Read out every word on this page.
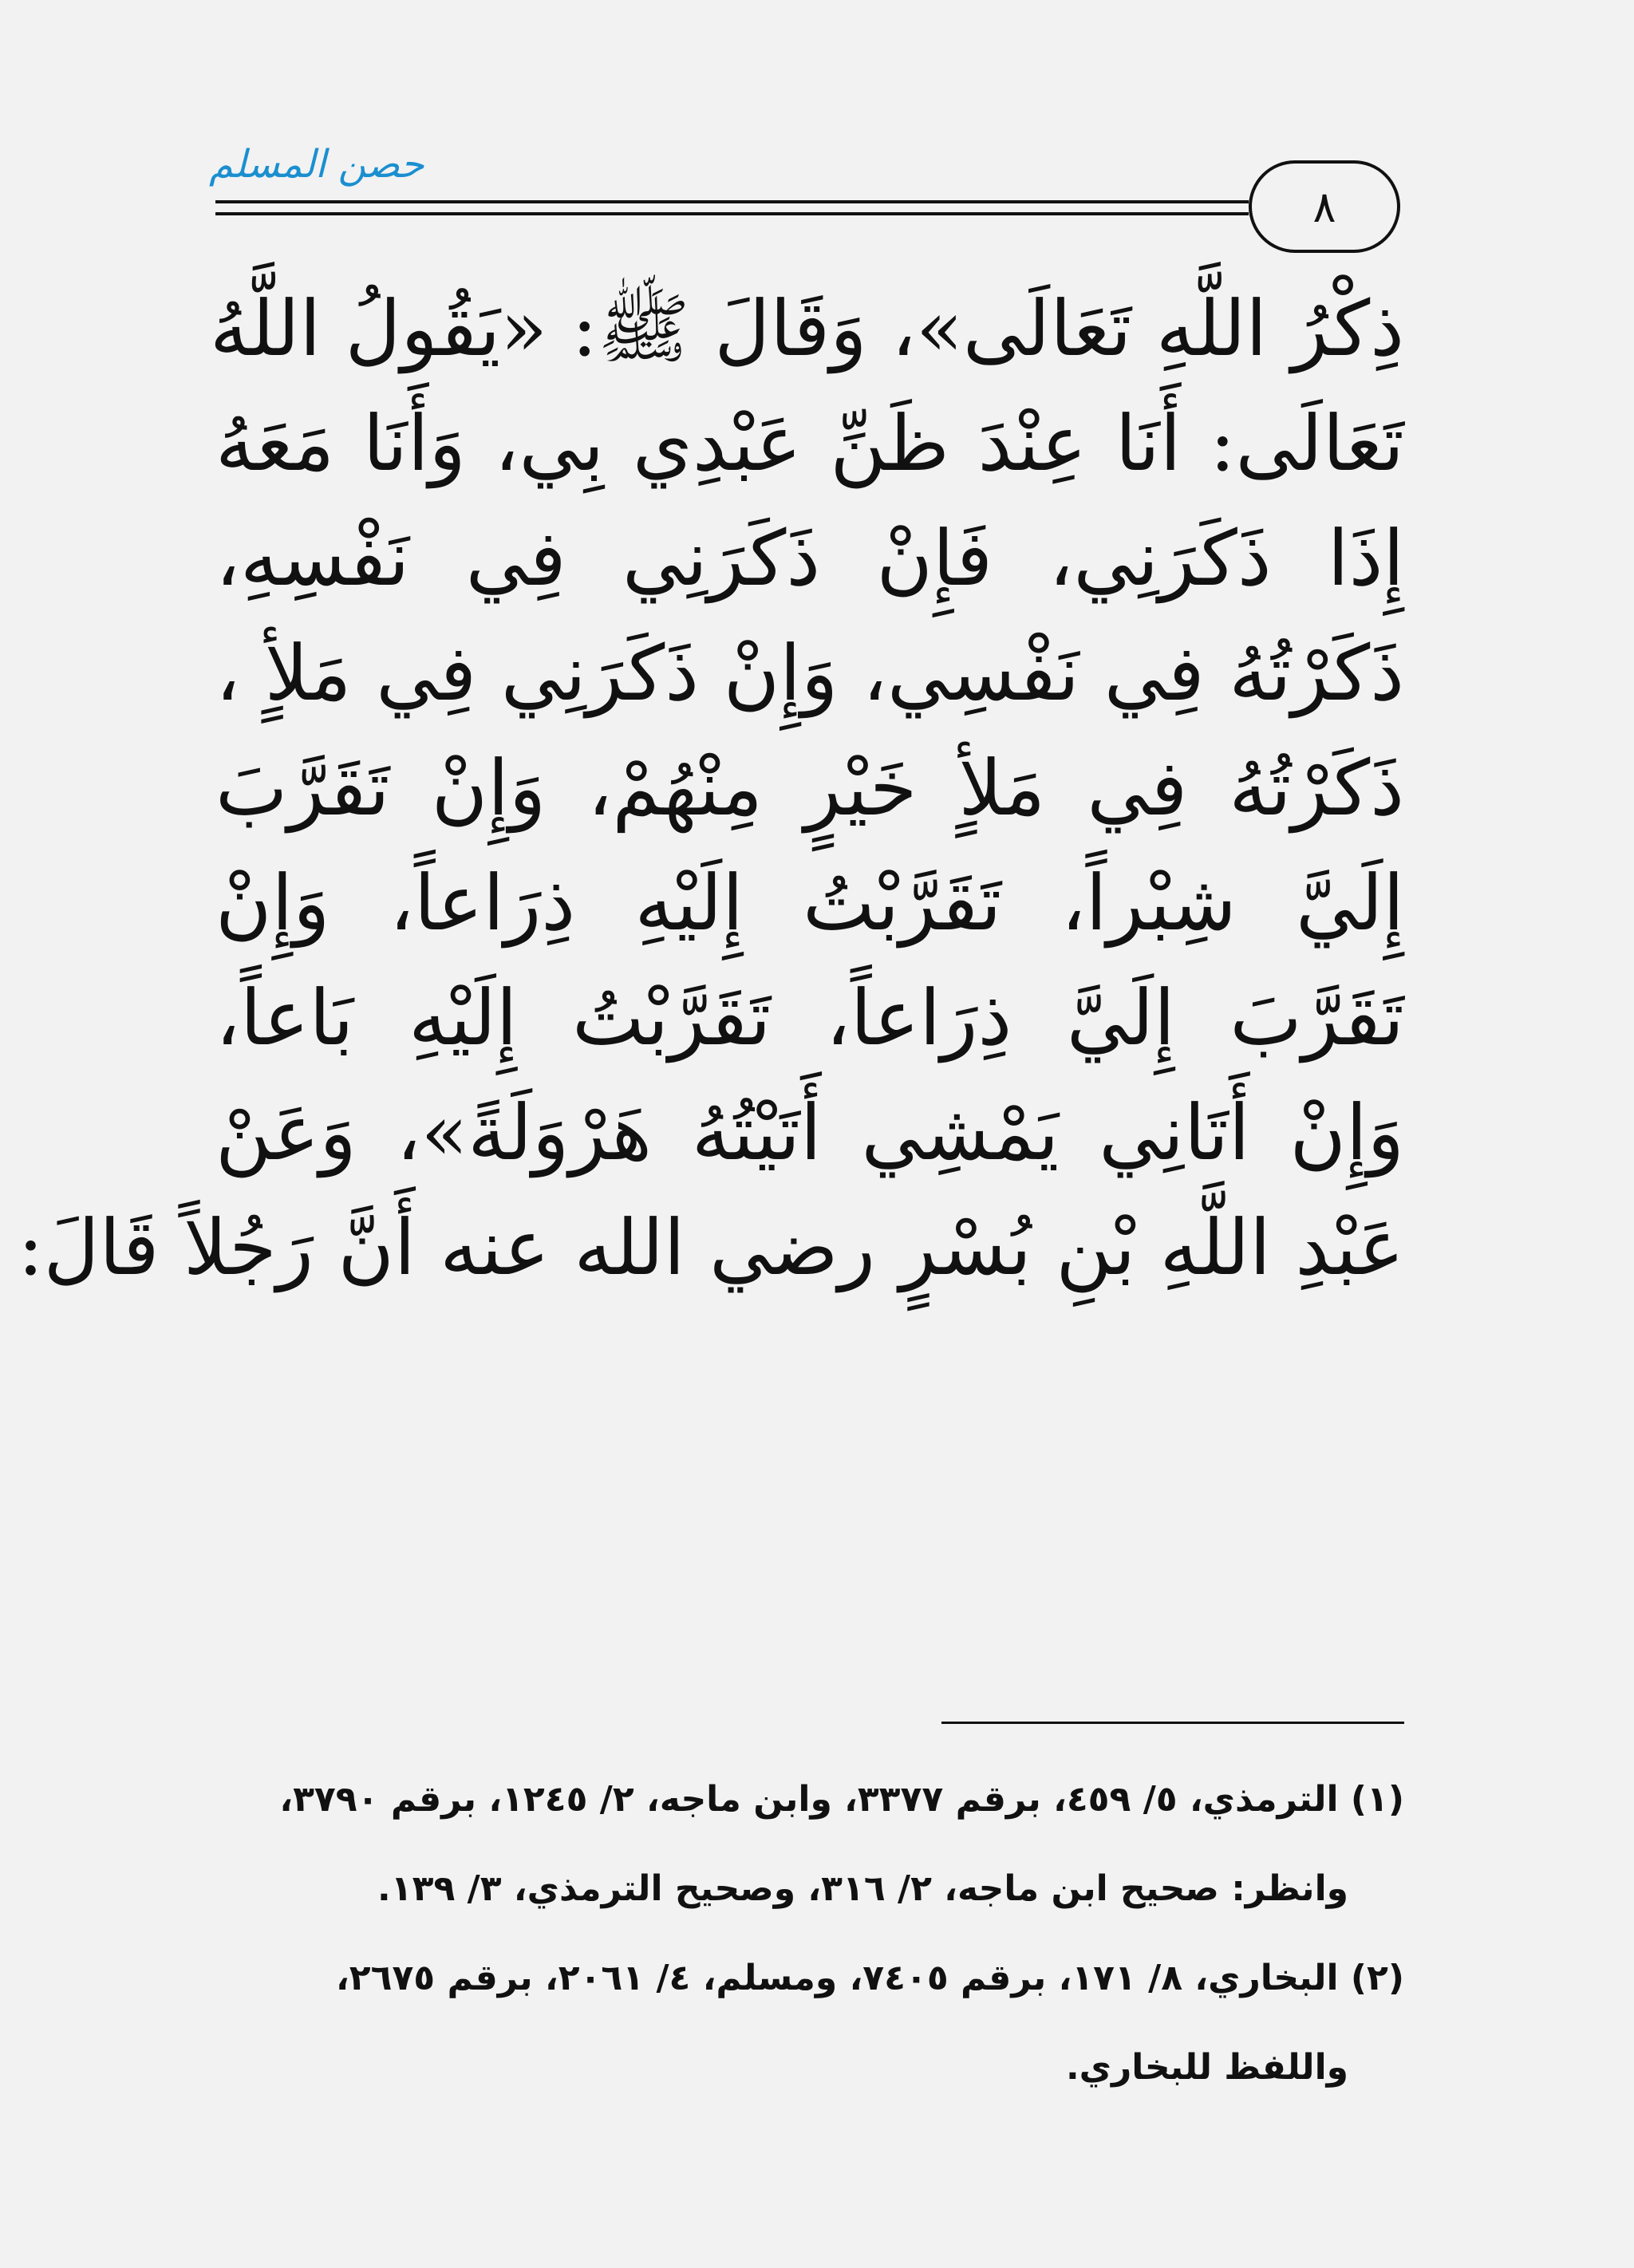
حصن المسلم
٨
ذِكْرُ اللَّهِ تَعَالَى»، وَقَالَ ﷺ: «يَقُولُ اللَّهُ
تَعَالَى: أَنَا عِنْدَ ظَنِّ عَبْدِي بِي، وَأَنَا مَعَهُ
إِذَا ذَكَرَنِي، فَإِنْ ذَكَرَنِي فِي نَفْسِهِ،
ذَكَرْتُهُ فِي نَفْسِي، وَإِنْ ذَكَرَنِي فِي مَلأٍ ،
ذَكَرْتُهُ فِي مَلأٍ خَيْرٍ مِنْهُمْ، وَإِنْ تَقَرَّبَ
إِلَيَّ شِبْراً، تَقَرَّبْتُ إِلَيْهِ ذِرَاعاً، وَإِنْ
تَقَرَّبَ إِلَيَّ ذِرَاعاً، تَقَرَّبْتُ إِلَيْهِ بَاعاً،
وَإِنْ أَتَانِي يَمْشِي أَتَيْتُهُ هَرْوَلَةً»، وَعَنْ
عَبْدِ اللَّهِ بْنِ بُسْرٍ رضي الله عنه أَنَّ رَجُلاً قَالَ:
(١) الترمذي، ٥/ ٤٥٩، برقم ٣٣٧٧، وابن ماجه، ٢/ ١٢٤٥، برقم ٣٧٩٠،
وانظر: صحيح ابن ماجه، ٢/ ٣١٦، وصحيح الترمذي، ٣/ ١٣٩.
(٢) البخاري، ٨/ ١٧١، برقم ٧٤٠٥، ومسلم، ٤/ ٢٠٦١، برقم ٢٦٧٥،
واللفظ للبخاري.
